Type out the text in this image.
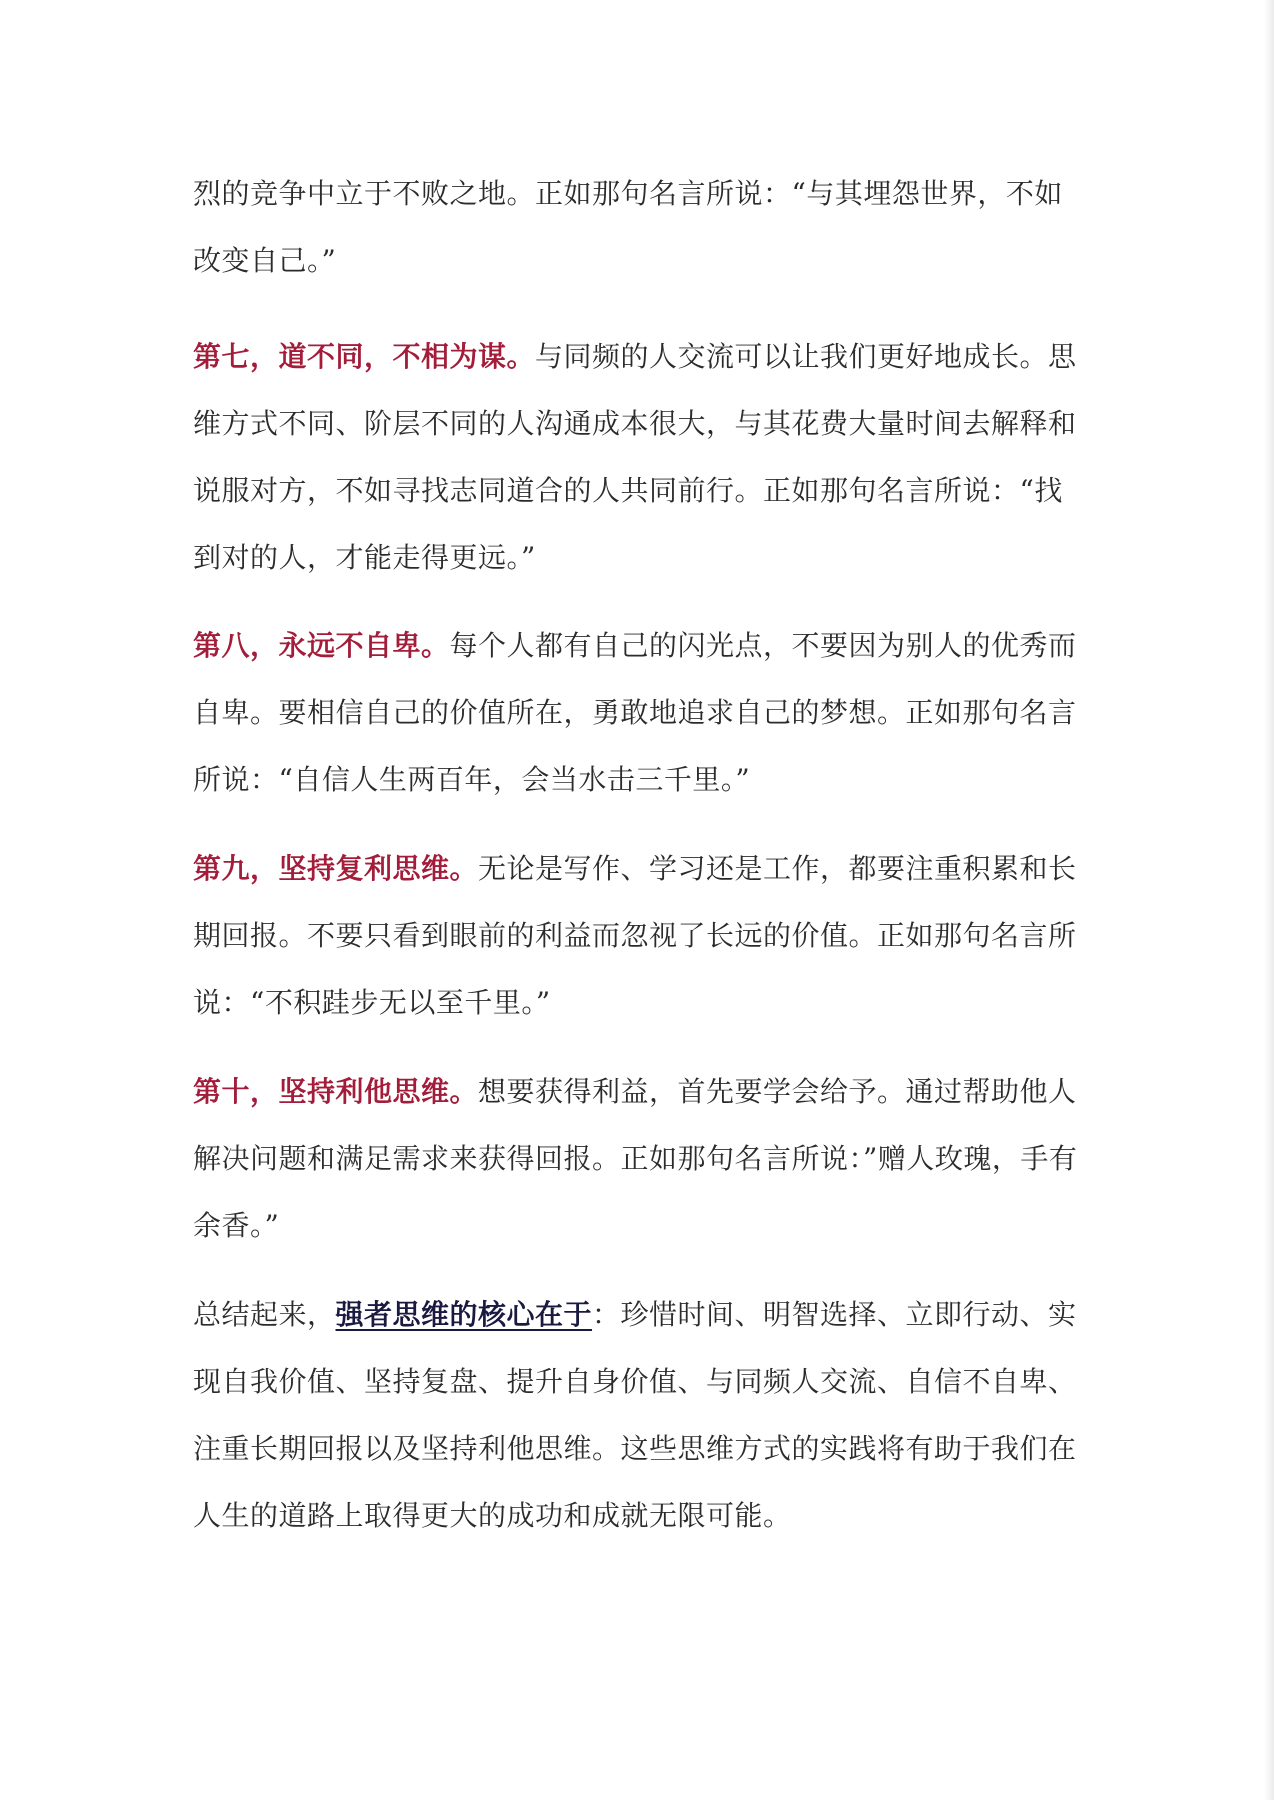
烈的竞争中立于不败之地。正如那句名言所说：“与其埋怨世界，不如改变自己。”

第七，道不同，不相为谋。与同频的人交流可以让我们更好地成长。思维方式不同、阶层不同的人沟通成本很大，与其花费大量时间去解释和说服对方，不如寻找志同道合的人共同前行。正如那句名言所说：“找到对的人，才能走得更远。”

第八，永远不自卑。每个人都有自己的闪光点，不要因为别人的优秀而自卑。要相信自己的价值所在，勇敢地追求自己的梦想。正如那句名言所说：“自信人生两百年，会当水击三千里。”

第九，坚持复利思维。无论是写作、学习还是工作，都要注重积累和长期回报。不要只看到眼前的利益而忽视了长远的价值。正如那句名言所说：“不积跬步无以至千里。”

第十，坚持利他思维。想要获得利益，首先要学会给予。通过帮助他人解决问题和满足需求来获得回报。正如那句名言所说：”赠人玫瑰，手有余香。”

总结起来，强者思维的核心在于：珍惜时间、明智选择、立即行动、实现自我价值、坚持复盘、提升自身价值、与同频人交流、自信不自卑、注重长期回报以及坚持利他思维。这些思维方式的实践将有助于我们在人生的道路上取得更大的成功和成就无限可能。
